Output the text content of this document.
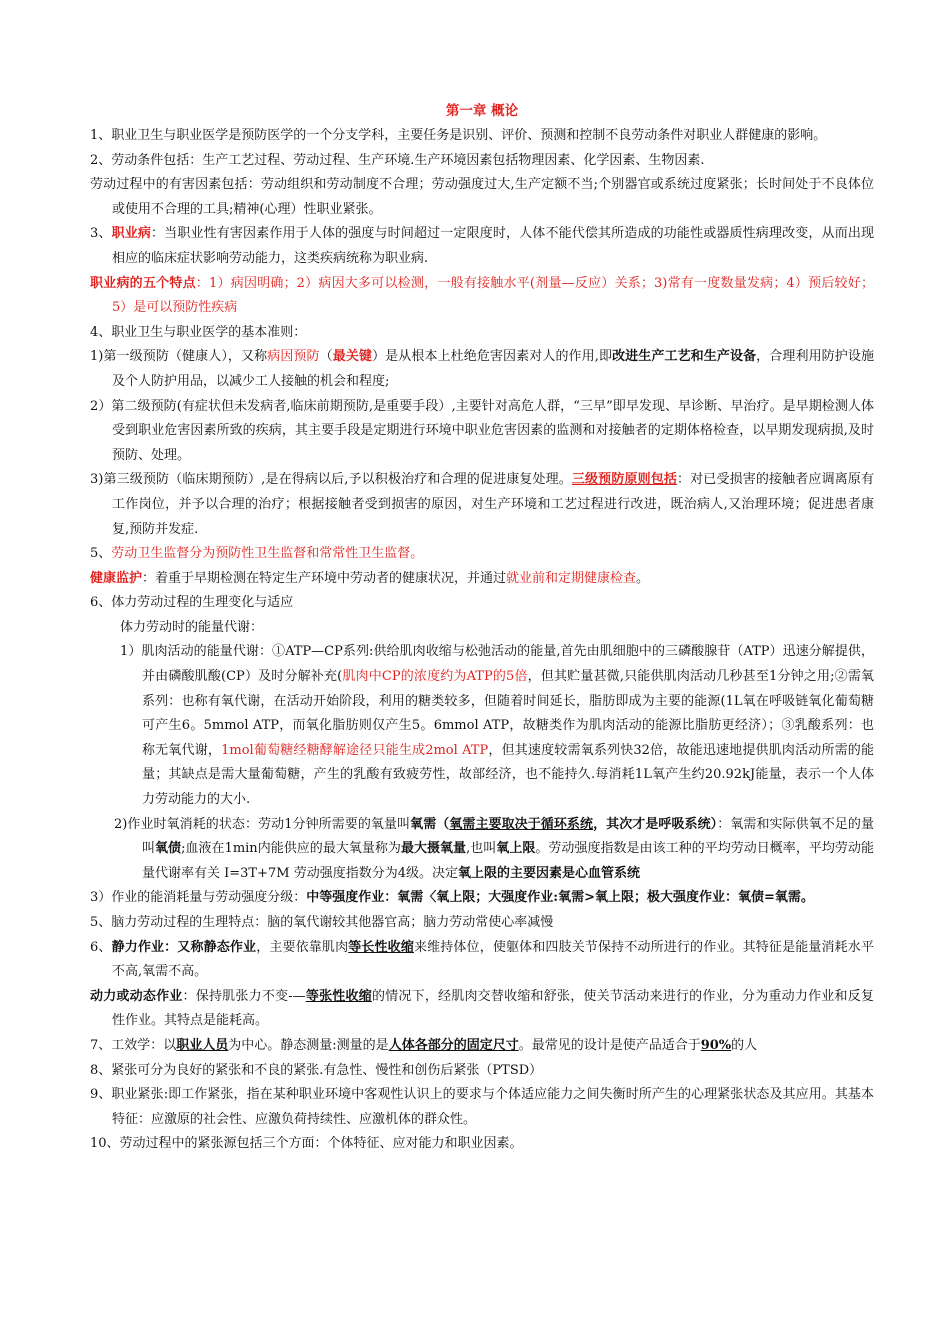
第一章 概论

1、职业卫生与职业医学是预防医学的一个分支学科，主要任务是识别、评价、预测和控制不良劳动条件对职业人群健康的影响。

2、劳动条件包括：生产工艺过程、劳动过程、生产环境.生产环境因素包括物理因素、化学因素、生物因素.

劳动过程中的有害因素包括：劳动组织和劳动制度不合理；劳动强度过大,生产定额不当;个别器官或系统过度紧张；长时间处于不良体位或使用不合理的工具;精神(心理）性职业紧张。

3、职业病：当职业性有害因素作用于人体的强度与时间超过一定限度时，人体不能代偿其所造成的功能性或器质性病理改变，从而出现相应的临床症状影响劳动能力，这类疾病统称为职业病.

职业病的五个特点：1）病因明确；2）病因大多可以检测，一般有接触水平(剂量—反应）关系；3)常有一度数量发病；4）预后较好；5）是可以预防性疾病

4、职业卫生与职业医学的基本准则：

1)第一级预防（健康人），又称病因预防（最关键）是从根本上杜绝危害因素对人的作用,即改进生产工艺和生产设备，合理利用防护设施及个人防护用品，以减少工人接触的机会和程度;

2）第二级预防(有症状但未发病者,临床前期预防,是重要手段）,主要针对高危人群，“三早”即早发现、早诊断、早治疗。是早期检测人体受到职业危害因素所致的疾病，其主要手段是定期进行环境中职业危害因素的监测和对接触者的定期体格检查，以早期发现病损,及时预防、处理。

3)第三级预防（临床期预防）,是在得病以后,予以积极治疗和合理的促进康复处理。三级预防原则包括：对已受损害的接触者应调离原有工作岗位，并予以合理的治疗；根据接触者受到损害的原因，对生产环境和工艺过程进行改进，既治病人,又治理环境；促进患者康复,预防并发症.

5、劳动卫生监督分为预防性卫生监督和常常性卫生监督。

健康监护：着重于早期检测在特定生产环境中劳动者的健康状况，并通过就业前和定期健康检查。

6、体力劳动过程的生理变化与适应

体力劳动时的能量代谢：

1）肌肉活动的能量代谢：①ATP—CP系列:供给肌肉收缩与松弛活动的能量,首先由肌细胞中的三磷酸腺苷（ATP）迅速分解提供，并由磷酸肌酸(CP）及时分解补充(肌肉中CP的浓度约为ATP的5倍，但其贮量甚微,只能供肌肉活动几秒甚至1分钟之用;②需氧系列：也称有氧代谢，在活动开始阶段，利用的糖类较多，但随着时间延长，脂肪即成为主要的能源(1L氧在呼吸链氧化葡萄糖可产生6。5mmol ATP，而氧化脂肪则仅产生5。6mmol ATP，故糖类作为肌肉活动的能源比脂肪更经济）；③乳酸系列：也称无氧代谢，1mol葡萄糖经糖酵解途径只能生成2mol ATP，但其速度较需氧系列快32倍，故能迅速地提供肌肉活动所需的能量；其缺点是需大量葡萄糖，产生的乳酸有致疲劳性，故部经济，也不能持久.每消耗1L氧产生约20.92kJ能量，表示一个人体力劳动能力的大小.

2)作业时氧消耗的状态：劳动1分钟所需要的氧量叫氧需（氧需主要取决于循环系统，其次才是呼吸系统）：氧需和实际供氧不足的量叫氧债;血液在1min内能供应的最大氧量称为最大摄氧量,也叫氧上限。劳动强度指数是由该工种的平均劳动日概率，平均劳动能量代谢率有关 I=3T+7M 劳动强度指数分为4级。决定氧上限的主要因素是心血管系统

3）作业的能消耗量与劳动强度分级：中等强度作业：氧需〈氧上限；大强度作业:氧需>氧上限；极大强度作业：氧债=氧需。

5、脑力劳动过程的生理特点：脑的氧代谢较其他器官高；脑力劳动常使心率减慢

6、静力作业：又称静态作业，主要依靠肌肉等长性收缩来维持体位，使躯体和四肢关节保持不动所进行的作业。其特征是能量消耗水平不高,氧需不高。

动力或动态作业：保持肌张力不变-—等张性收缩的情况下，经肌肉交替收缩和舒张，使关节活动来进行的作业，分为重动力作业和反复性作业。其特点是能耗高。

7、工效学：以职业人员为中心。静态测量:测量的是人体各部分的固定尺寸。最常见的设计是使产品适合于90%的人

8、紧张可分为良好的紧张和不良的紧张.有急性、慢性和创伤后紧张（PTSD）

9、职业紧张:即工作紧张，指在某种职业环境中客观性认识上的要求与个体适应能力之间失衡时所产生的心理紧张状态及其应用。其基本特征：应激原的社会性、应激负荷持续性、应激机体的群众性。

10、劳动过程中的紧张源包括三个方面：个体特征、应对能力和职业因素。
